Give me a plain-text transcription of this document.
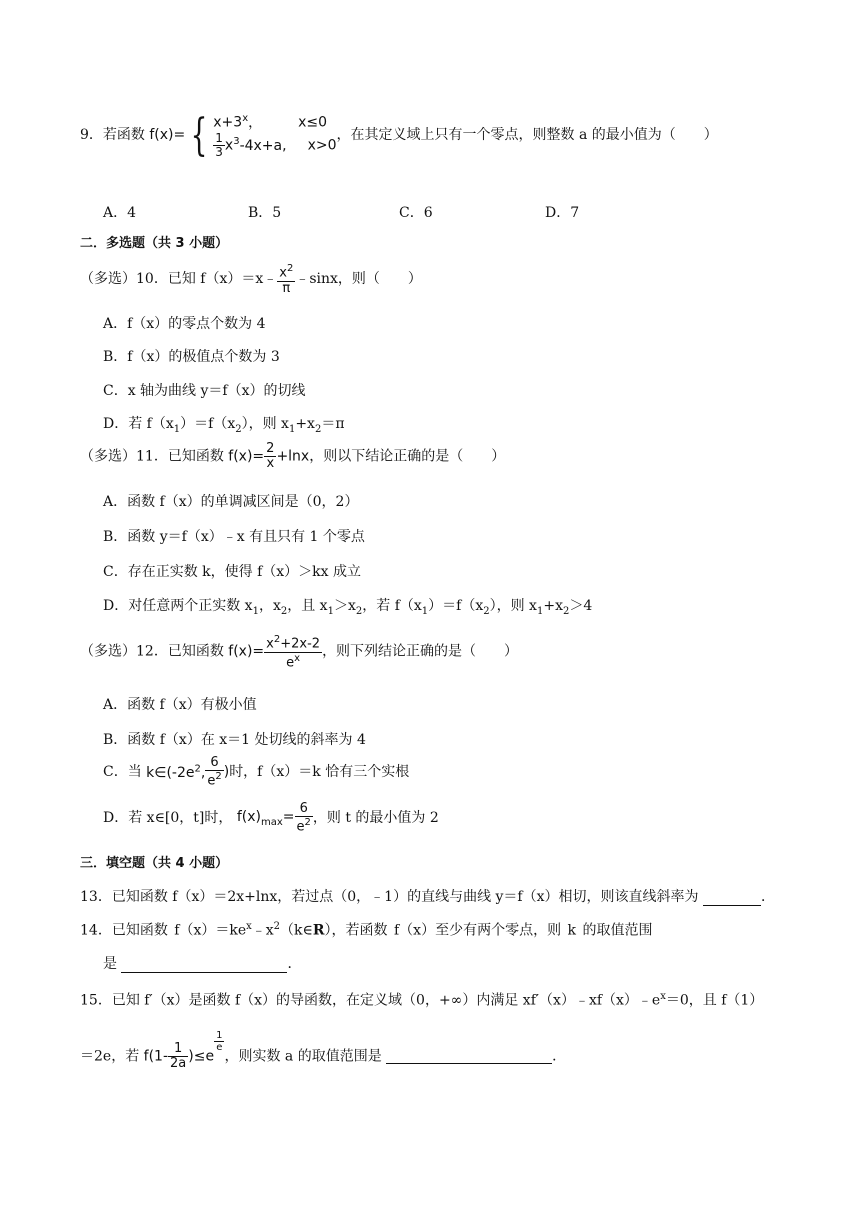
9．若函数 f(x)= { $x+3^x$，	x≤0
$\frac{1}{3} x^3-4x+a$, x>0
，在其定义域上只有一个零点，则整数 a 的最小值为（　　）
A．4	B．5	C．6	D．7
二．多选题（共 3 小题）
（多选）10．已知 f（x）＝x﹣ $\frac{x^2}{\pi}$ ﹣sinx，则（　　）
A．f（x）的零点个数为 4
B．f（x）的极值点个数为 3
C．x 轴为曲线 y＝f（x）的切线
D．若 $f(x_1)=f(x_2)$，则 $x_1+x_2=\pi$
（多选）11．已知函数 $f(x)= \frac{2}{x} +\ln x$，则以下结论正确的是（　　）
A．函数 f（x）的单调减区间是（0，2）
B．函数 y＝f（x）﹣x 有且只有 1 个零点
C．存在正实数 k，使得 f（x）＞kx 成立
D．对任意两个正实数 $x_1$，$x_2$，且 $x_1>x_2$，若 $f(x_1)=f(x_2)$，则 $x_1+x_2>4$
（多选）12．已知函数 $f(x)= \frac{x^2+2x-2}{e^x}$ ，则下列结论正确的是（　　）
A．函数 f（x）有极小值
B．函数 f（x）在 x＝1 处切线的斜率为 4
C．当 $k\in(-2e^2$, $\frac{6}{e^2}$ )时，f（x）＝k 恰有三个实根
D．若 x∈[0，t]时， $f(x)_{max}= \frac{6}{e^2}$ ，则 t 的最小值为 2
三．填空题（共 4 小题）
13．已知函数 f（x）＝2x+lnx，若过点（0，﹣1）的直线与曲线 y＝f（x）相切，则该直线斜率为	．
14．已知函数 $f(x)=ke^x﹣x^2(k\in R)$，若函数 f（x）至少有两个零点，则 k 的取值范围
是	．
15．已知 f′（x）是函数 f（x）的导函数，在定义域（0，+∞）内满足 $xf'(x)﹣xf(x)﹣e^x=0$，且 f（1）
＝2e，若 $f(1- \frac{1}{2a} )\le e$
$\frac{1}{e}$
，则实数 a 的取值范围是	．
